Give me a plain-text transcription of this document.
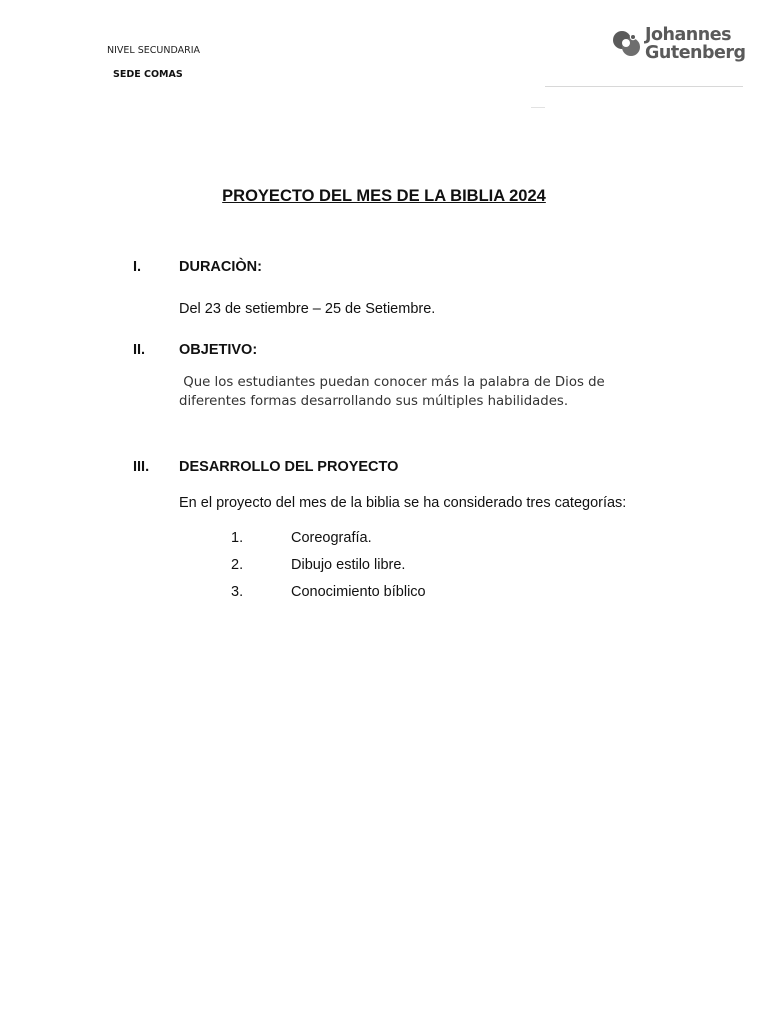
NIVEL SECUNDARIA
SEDE COMAS
Johannes
Gutenberg
PROYECTO DEL MES DE LA BIBLIA 2024
I.	DURACIÒN:
Del 23 de setiembre – 25 de Setiembre.
II. OBJETIVO:
Que los estudiantes puedan conocer más la palabra de Dios de
diferentes formas desarrollando sus múltiples habilidades.
III. DESARROLLO DEL PROYECTO
En el proyecto del mes de la biblia se ha considerado tres categorías:
1.	Coreografía.
2.	Dibujo estilo libre.
3.	Conocimiento bíblico
